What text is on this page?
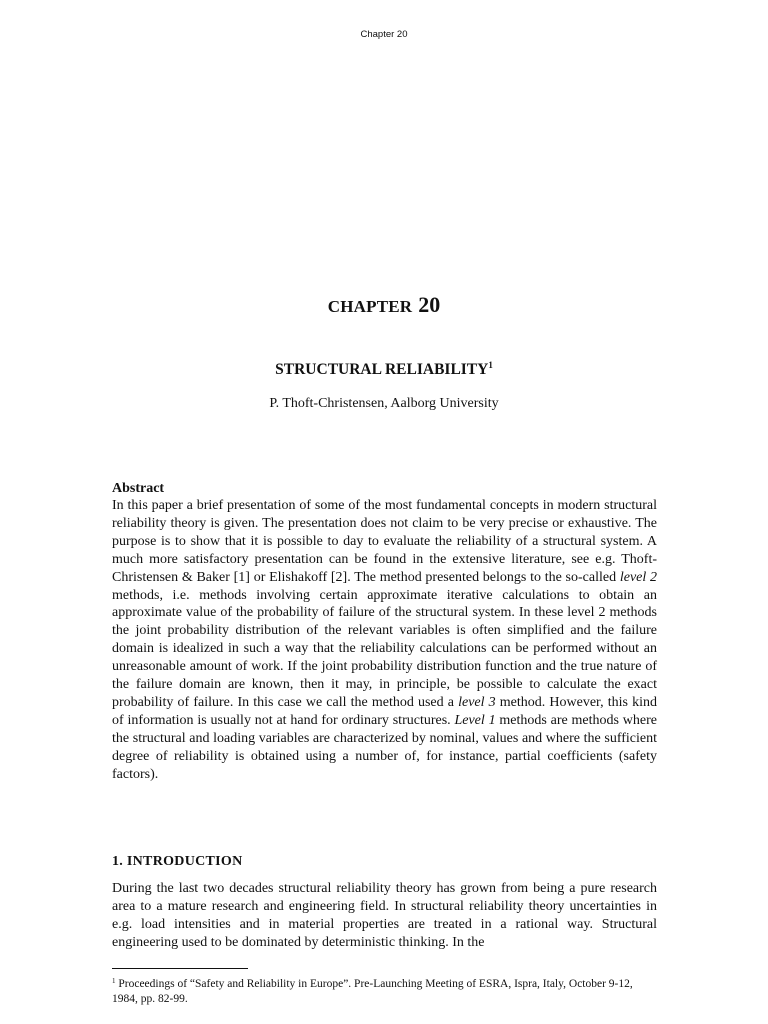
Chapter 20
CHAPTER 20
STRUCTURAL RELIABILITY$^1$
P. Thoft-Christensen, Aalborg University
Abstract
In this paper a brief presentation of some of the most fundamental concepts in modern structural reliability theory is given. The presentation does not claim to be very precise or exhaustive. The purpose is to show that it is possible to day to evaluate the reliability of a structural system. A much more satisfactory presentation can be found in the extensive literature, see e.g. Thoft-Christensen & Baker [1] or Elishakoff [2]. The method presented belongs to the so-called level 2 methods, i.e. methods involving certain approximate iterative calculations to obtain an approximate value of the probability of failure of the structural system. In these level 2 methods the joint probability distribution of the relevant variables is often simplified and the failure domain is idealized in such a way that the reliability calculations can be performed without an unreasonable amount of work. If the joint probability distribution function and the true nature of the failure domain are known, then it may, in principle, be possible to calculate the exact probability of failure. In this case we call the method used a level 3 method. However, this kind of information is usually not at hand for ordinary structures. Level 1 methods are methods where the structural and loading variables are characterized by nominal, values and where the sufficient degree of reliability is obtained using a number of, for instance, partial coefficients (safety factors).
1. INTRODUCTION
During the last two decades structural reliability theory has grown from being a pure research area to a mature research and engineering field. In structural reliability theory uncertainties in e.g. load intensities and in material properties are treated in a rational way. Structural engineering used to be dominated by deterministic thinking. In the
$^1$ Proceedings of “Safety and Reliability in Europe”. Pre-Launching Meeting of ESRA, Ispra, Italy, October 9-12, 1984, pp. 82-99.
